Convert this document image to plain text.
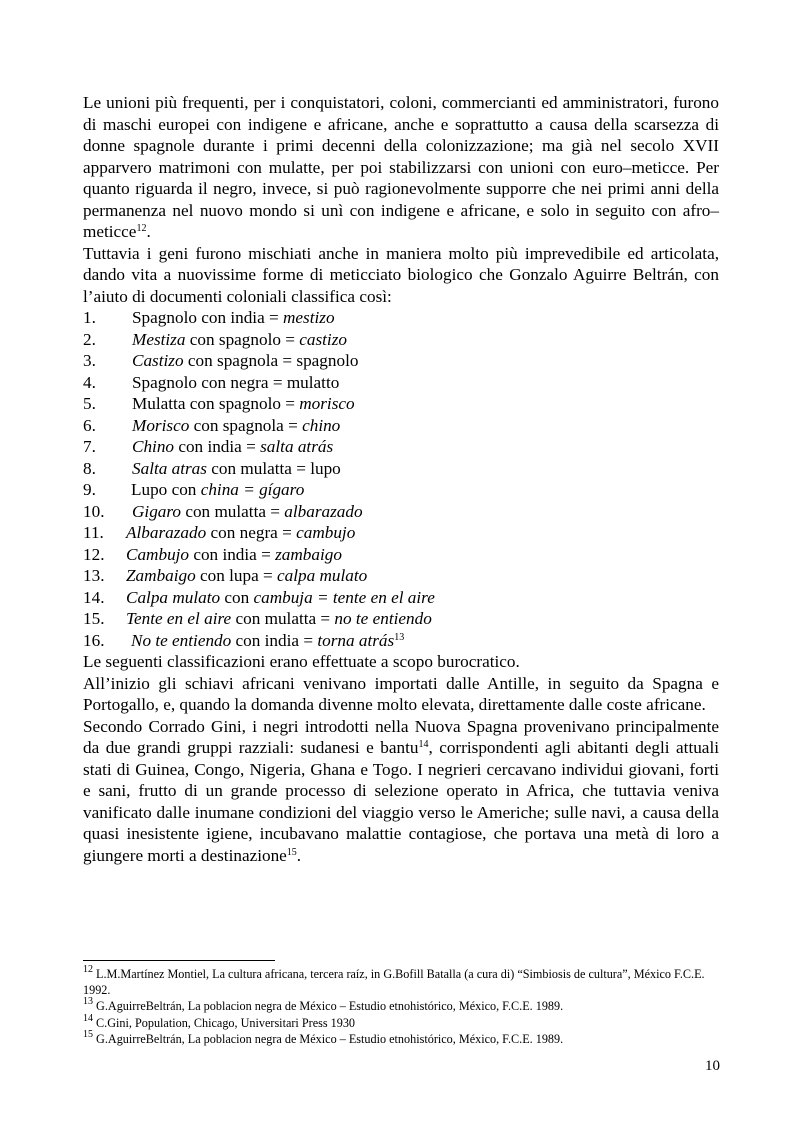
Le unioni più frequenti, per i conquistatori, coloni, commercianti ed amministratori, furono di maschi europei con indigene e africane, anche e soprattutto a causa della scarsezza di donne spagnole durante i primi decenni della colonizzazione; ma già nel secolo XVII apparvero matrimoni con mulatte, per poi stabilizzarsi con unioni con euro–meticce. Per quanto riguarda il negro, invece, si può ragionevolmente supporre che nei primi anni della permanenza nel nuovo mondo si unì con indigene e africane, e solo in seguito con afro–meticce$^{12}$.

Tuttavia i geni furono mischiati anche in maniera molto più imprevedibile ed articolata, dando vita a nuovissime forme di meticciato biologico che Gonzalo Aguirre Beltrán, con l’aiuto di documenti coloniali classifica così:

1. Spagnolo con india = mestizo
2. Mestiza con spagnolo = castizo
3. Castizo con spagnola = spagnolo
4. Spagnolo con negra = mulatto
5. Mulatta con spagnolo = morisco
6. Morisco con spagnola = chino
7. Chino con india = salta atrás
8. Salta atras con mulatta = lupo
9. Lupo con china = gígaro
10. Gigaro con mulatta = albarazado
11. Albarazado con negra = cambujo
12. Cambujo con india = zambaigo
13. Zambaigo con lupa = calpa mulato
14. Calpa mulato con cambuja = tente en el aire
15. Tente en el aire con mulatta = no te entiendo
16. No te entiendo con india = torna atrás$^{13}$

Le seguenti classificazioni erano effettuate a scopo burocratico.

All’inizio gli schiavi africani venivano importati dalle Antille, in seguito da Spagna e Portogallo, e, quando la domanda divenne molto elevata, direttamente dalle coste africane.

Secondo Corrado Gini, i negri introdotti nella Nuova Spagna provenivano principalmente da due grandi gruppi razziali: sudanesi e bantu$^{14}$, corrispondenti agli abitanti degli attuali stati di Guinea, Congo, Nigeria, Ghana e Togo. I negrieri cercavano individui giovani, forti e sani, frutto di un grande processo di selezione operato in Africa, che tuttavia veniva vanificato dalle inumane condizioni del viaggio verso le Americhe; sulle navi, a causa della quasi inesistente igiene, incubavano malattie contagiose, che portava una metà di loro a giungere morti a destinazione$^{15}$.

$^{12}$ L.M.Martínez Montiel, La cultura africana, tercera raíz, in G.Bofill Batalla (a cura di) “Simbiosis de cultura”, México F.C.E. 1992.

$^{13}$ G.AguirreBeltrán, La poblacion negra de México – Estudio etnohistórico, México, F.C.E. 1989.

$^{14}$ C.Gini, Population, Chicago, Universitari Press 1930

$^{15}$ G.AguirreBeltrán, La poblacion negra de México – Estudio etnohistórico, México, F.C.E. 1989.

10
